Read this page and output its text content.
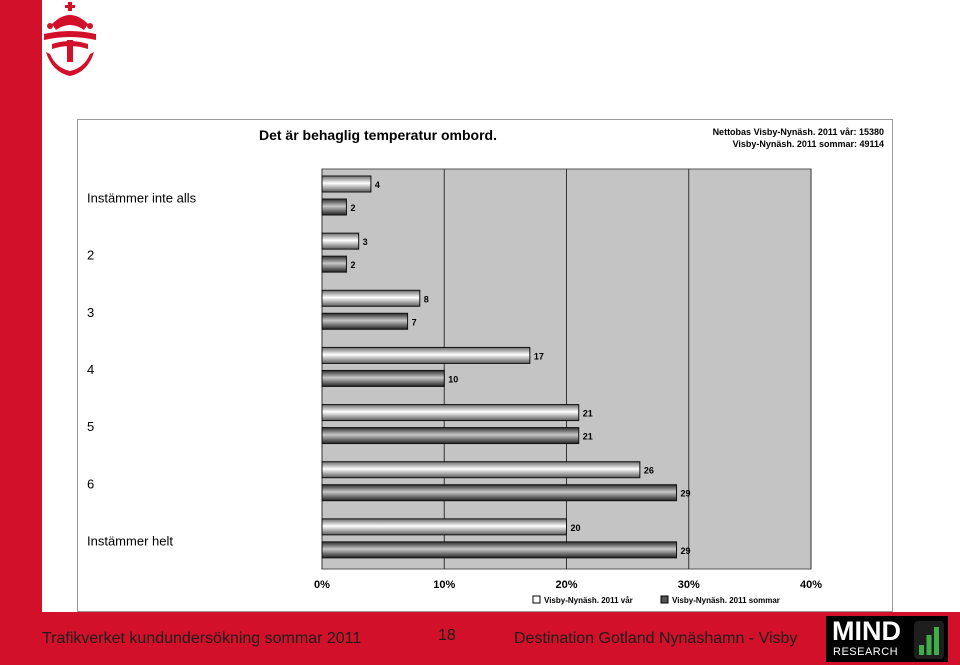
Det är behaglig temperatur ombord.	Nettobas Visby-Nynäsh. 2011 vår: 15380
Visby-Nynäsh. 2011 sommar: 49114
0%	10%	20%	30%	40%
Instämmer inte alls
4
2
2
3
2
3
8
7
4
17
10
5
21
21
6
26
29
Instämmer helt
20
29
Visby-Nynäsh. 2011 vår	Visby-Nynäsh. 2011 sommar
Trafikverket kundundersökning sommar 2011	18	Destination Gotland Nynäshamn - Visby MIND
RESEARCH
